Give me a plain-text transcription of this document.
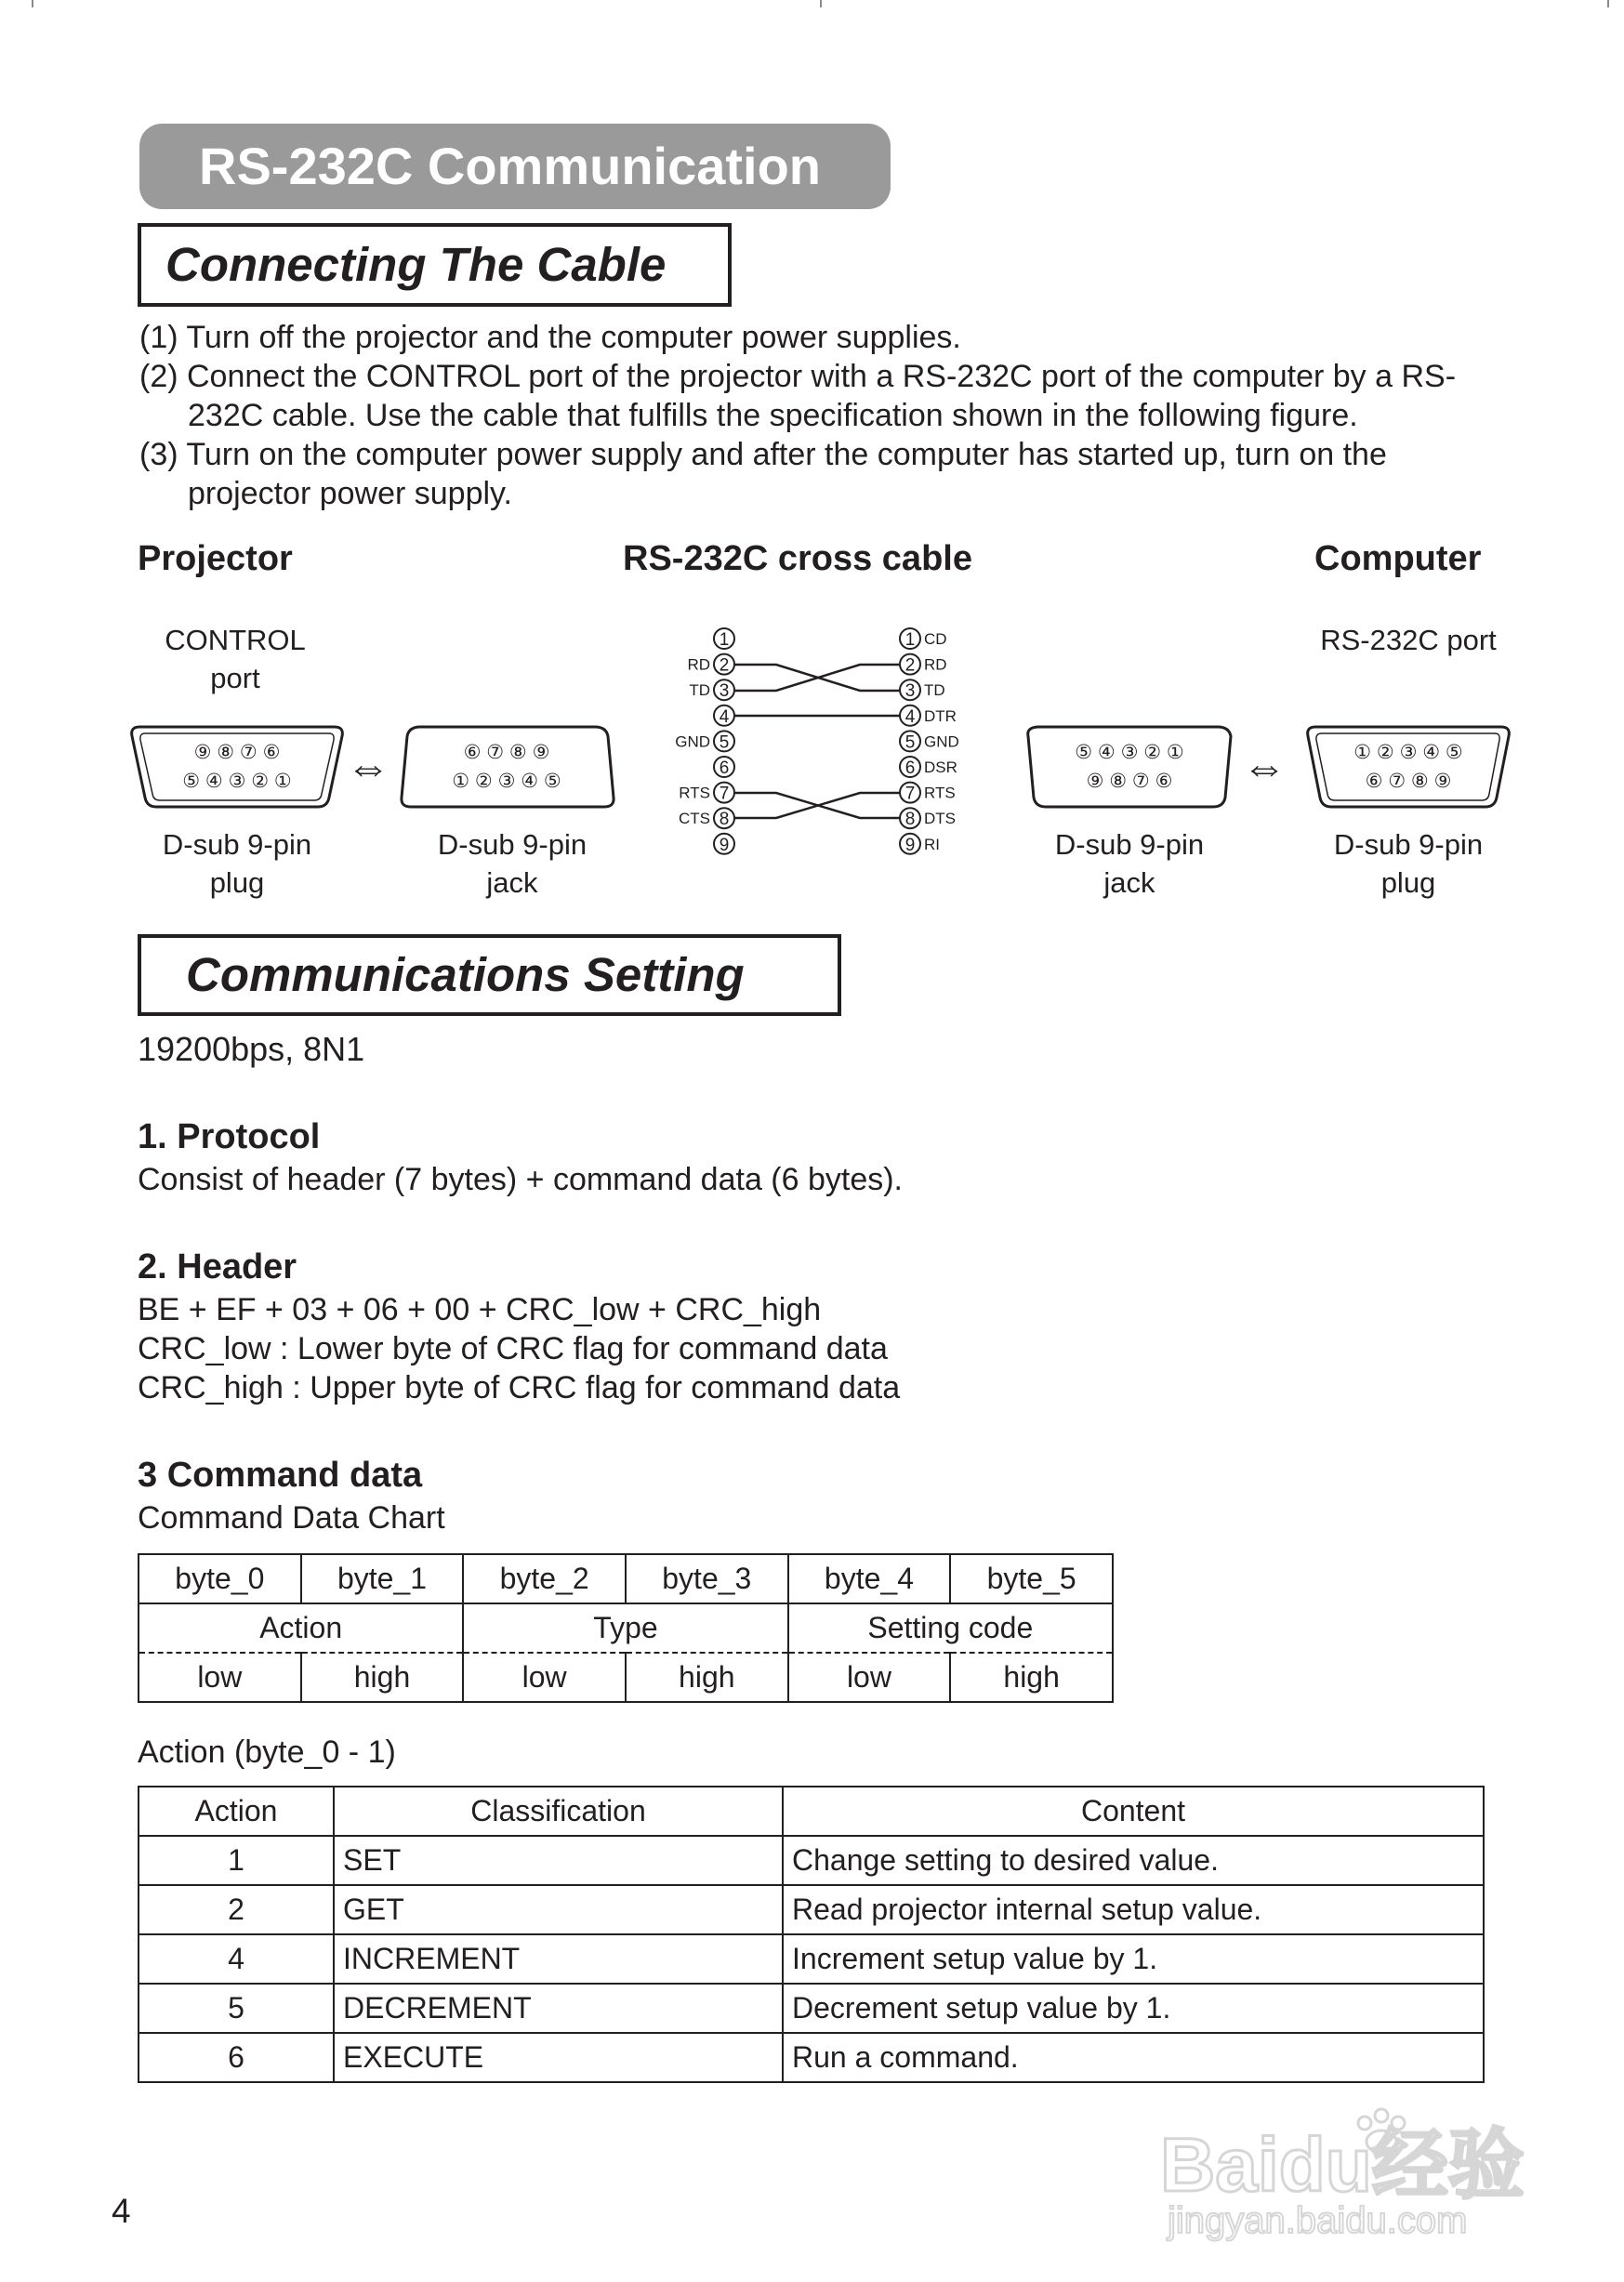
RS-232C Communication
Connecting The Cable
(1) Turn off the projector and the computer power supplies.
(2) Connect the CONTROL port of the projector with a RS-232C port of the computer by a RS-
232C cable. Use the cable that fulfills the specification shown in the following figure.
(3) Turn on the computer power supply and after the computer has started up, turn on the
projector power supply.
Projector	RS-232C cross cable	Computer
CONTROL
port
RS-232C port
⑨ ⑧ ⑦ ⑥
⑤ ④ ③ ② ①
⑥ ⑦ ⑧ ⑨
① ② ③ ④ ⑤
⑤ ④ ③ ② ①
⑨ ⑧ ⑦ ⑥
① ② ③ ④ ⑤
⑥ ⑦ ⑧ ⑨
⇔	⇔
D-sub 9-pin
plug
D-sub 9-pin
jack
D-sub 9-pin
jack
D-sub 9-pin
plug
1
2
RD
3
TD
4
5
GND
6
7
RTS
8
CTS
9
1 CD
2 RD
3 TD
4 DTR
5 GND
6 DSR
7 RTS
8 DTS
9 RI
Communications Setting
19200bps, 8N1
1. Protocol
Consist of header (7 bytes) + command data (6 bytes).
2. Header
BE + EF + 03 + 06 + 00 + CRC_low + CRC_high
CRC_low : Lower byte of CRC flag for command data
CRC_high : Upper byte of CRC flag for command data
3 Command data
Command Data Chart
byte_0	byte_1	byte_2	byte_3	byte_4	byte_5
Action		Type		Setting code	
low	high	low	high	low	high
Action (byte_0 - 1)
Action	Classification	Content
1	SET	Change setting to desired value.
2	GET	Read projector internal setup value.
4	INCREMENT	Increment setup value by 1.
5	DECREMENT	Decrement setup value by 1.
6	EXECUTE	Run a command.
4
Baidu经验
jingyan.baidu.com
